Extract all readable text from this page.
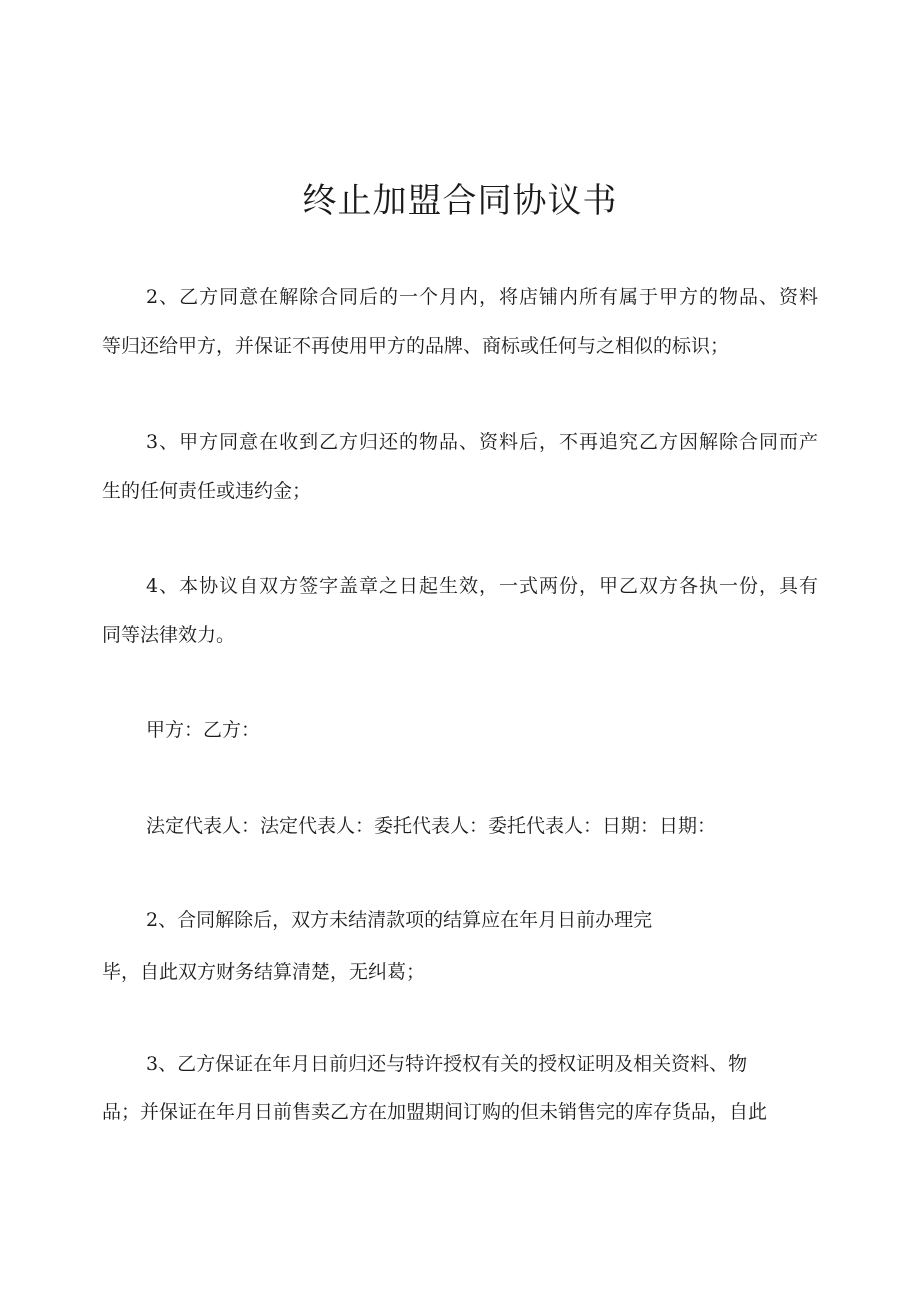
终止加盟合同协议书
2、乙方同意在解除合同后的一个月内，将店铺内所有属于甲方的物品、资料
等归还给甲方，并保证不再使用甲方的品牌、商标或任何与之相似的标识；
3、甲方同意在收到乙方归还的物品、资料后，不再追究乙方因解除合同而产
生的任何责任或违约金；
4、本协议自双方签字盖章之日起生效，一式两份，甲乙双方各执一份，具有
同等法律效力。
甲方：乙方：
法定代表人：法定代表人：委托代表人：委托代表人：日期：日期：
2、合同解除后，双方未结清款项的结算应在年月日前办理完
毕，自此双方财务结算清楚，无纠葛；
3、乙方保证在年月日前归还与特许授权有关的授权证明及相关资料、物
品；并保证在年月日前售卖乙方在加盟期间订购的但未销售完的库存货品，自此
